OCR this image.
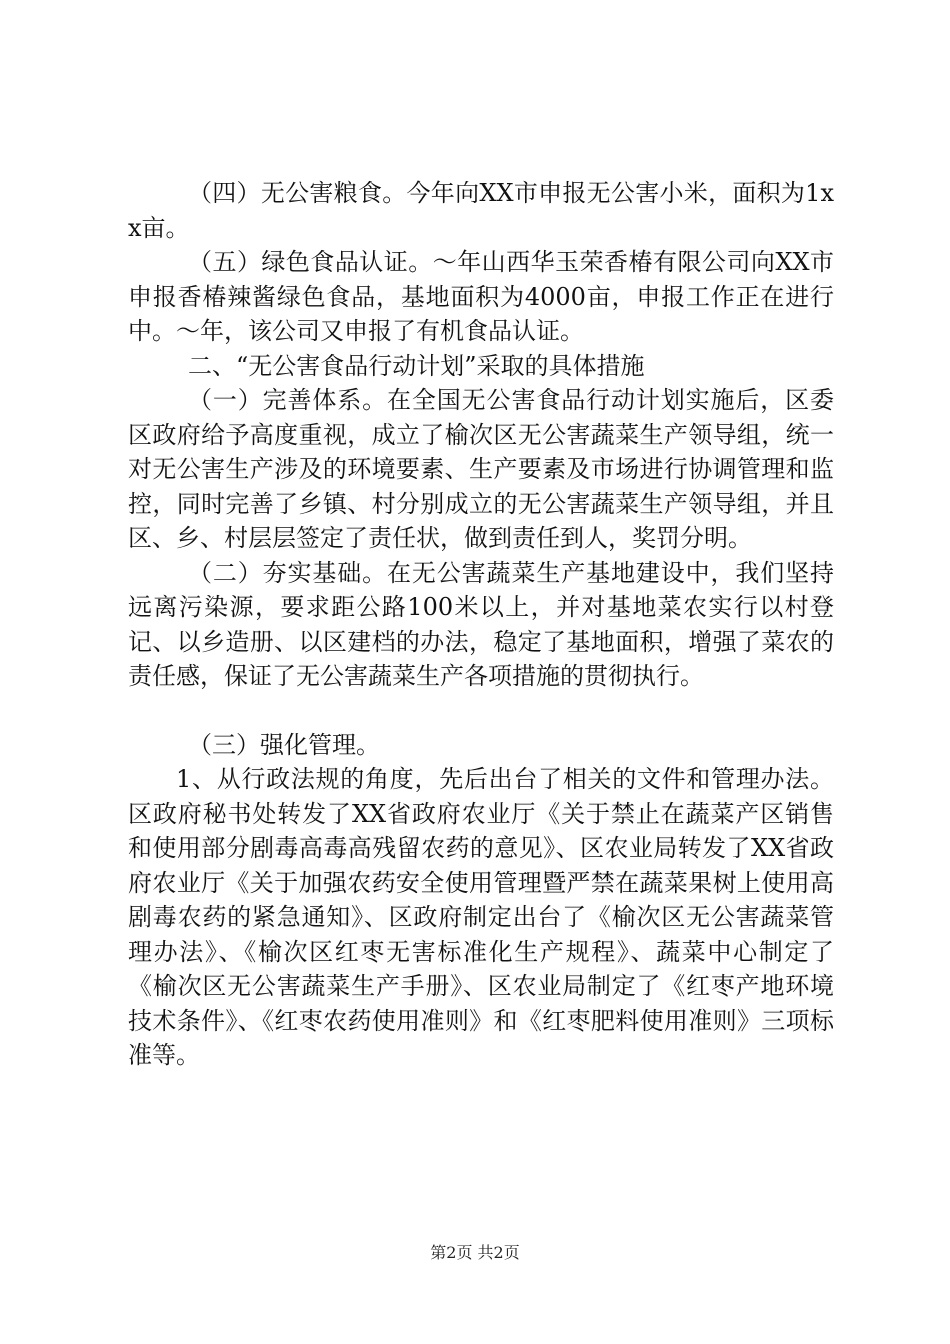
（四）无公害粮食。今年向XX市申报无公害小米，面积为1xx亩。

（五）绿色食品认证。～年山西华玉荣香椿有限公司向XX市申报香椿辣酱绿色食品，基地面积为4000亩，申报工作正在进行中。～年，该公司又申报了有机食品认证。

二、“无公害食品行动计划”采取的具体措施

（一）完善体系。在全国无公害食品行动计划实施后，区委区政府给予高度重视，成立了榆次区无公害蔬菜生产领导组，统一对无公害生产涉及的环境要素、生产要素及市场进行协调管理和监控，同时完善了乡镇、村分别成立的无公害蔬菜生产领导组，并且区、乡、村层层签定了责任状，做到责任到人，奖罚分明。

（二）夯实基础。在无公害蔬菜生产基地建设中，我们坚持远离污染源，要求距公路100米以上，并对基地菜农实行以村登记、以乡造册、以区建档的办法，稳定了基地面积，增强了菜农的责任感，保证了无公害蔬菜生产各项措施的贯彻执行。

（三）强化管理。

1、从行政法规的角度，先后出台了相关的文件和管理办法。区政府秘书处转发了XX省政府农业厅《关于禁止在蔬菜产区销售和使用部分剧毒高毒高残留农药的意见》、区农业局转发了XX省政府农业厅《关于加强农药安全使用管理暨严禁在蔬菜果树上使用高剧毒农药的紧急通知》、区政府制定出台了《榆次区无公害蔬菜管理办法》、《榆次区红枣无害标准化生产规程》、蔬菜中心制定了《榆次区无公害蔬菜生产手册》、区农业局制定了《红枣产地环境技术条件》、《红枣农药使用准则》和《红枣肥料使用准则》三项标准等。

第2页 共2页
